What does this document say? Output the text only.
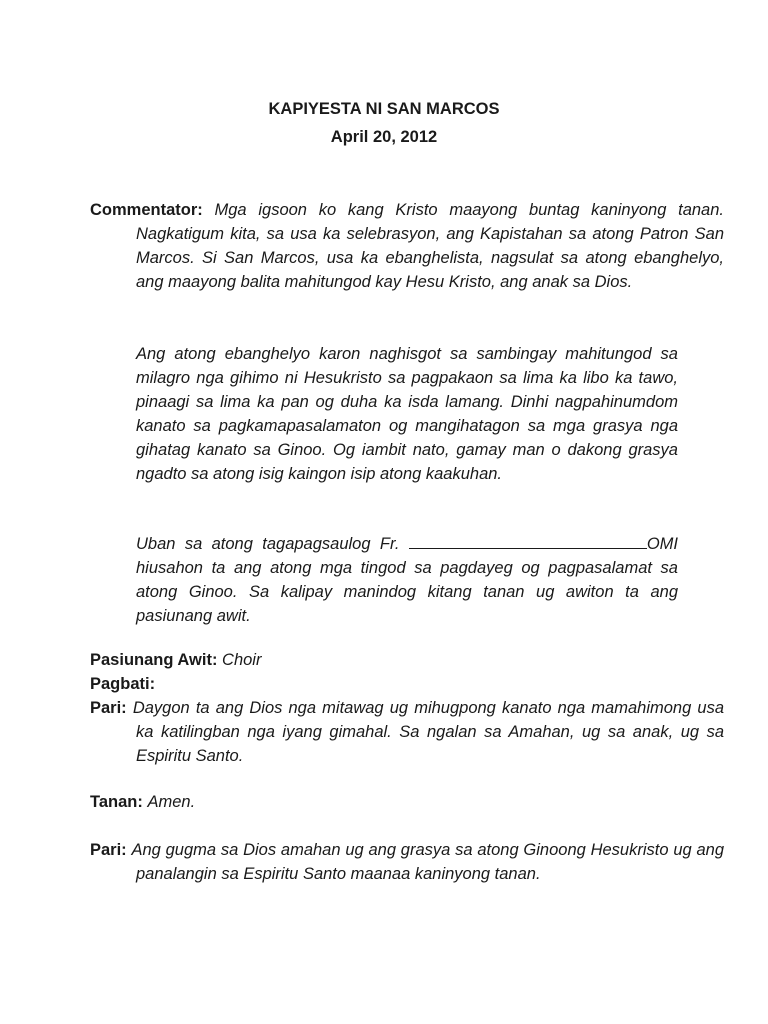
KAPIYESTA NI SAN MARCOS
April 20, 2012
Commentator: Mga igsoon ko kang Kristo maayong buntag kaninyong tanan. Nagkatigum kita, sa usa ka selebrasyon, ang Kapistahan sa atong Patron San Marcos. Si San Marcos, usa ka ebanghelista, nagsulat sa atong ebanghelyo, ang maayong balita mahitungod kay Hesu Kristo, ang anak sa Dios.
Ang atong ebanghelyo karon naghisgot sa sambingay mahitungod sa milagro nga gihimo ni Hesukristo sa pagpakaon sa lima ka libo ka tawo, pinaagi sa lima ka pan og duha ka isda lamang. Dinhi nagpahinumdom kanato sa pagkamapasalamaton og mangihatagon sa mga grasya nga gihatag kanato sa Ginoo. Og iambit nato, gamay man o dakong grasya ngadto sa atong isig kaingon isip atong kaakuhan.
Uban sa atong tagapagsaulog Fr.	OMI hiusahon ta ang atong mga tingod sa pagdayeg og pagpasalamat sa atong Ginoo. Sa kalipay manindog kitang tanan ug awiton ta ang pasiunang awit.
Pasiunang Awit: Choir
Pagbati:
Pari: Daygon ta ang Dios nga mitawag ug mihugpong kanato nga mamahimong usa ka katilingban nga iyang gimahal. Sa ngalan sa Amahan, ug sa anak, ug sa Espiritu Santo.
Tanan: Amen.
Pari: Ang gugma sa Dios amahan ug ang grasya sa atong Ginoong Hesukristo ug ang panalangin sa Espiritu Santo maanaa kaninyong tanan.
